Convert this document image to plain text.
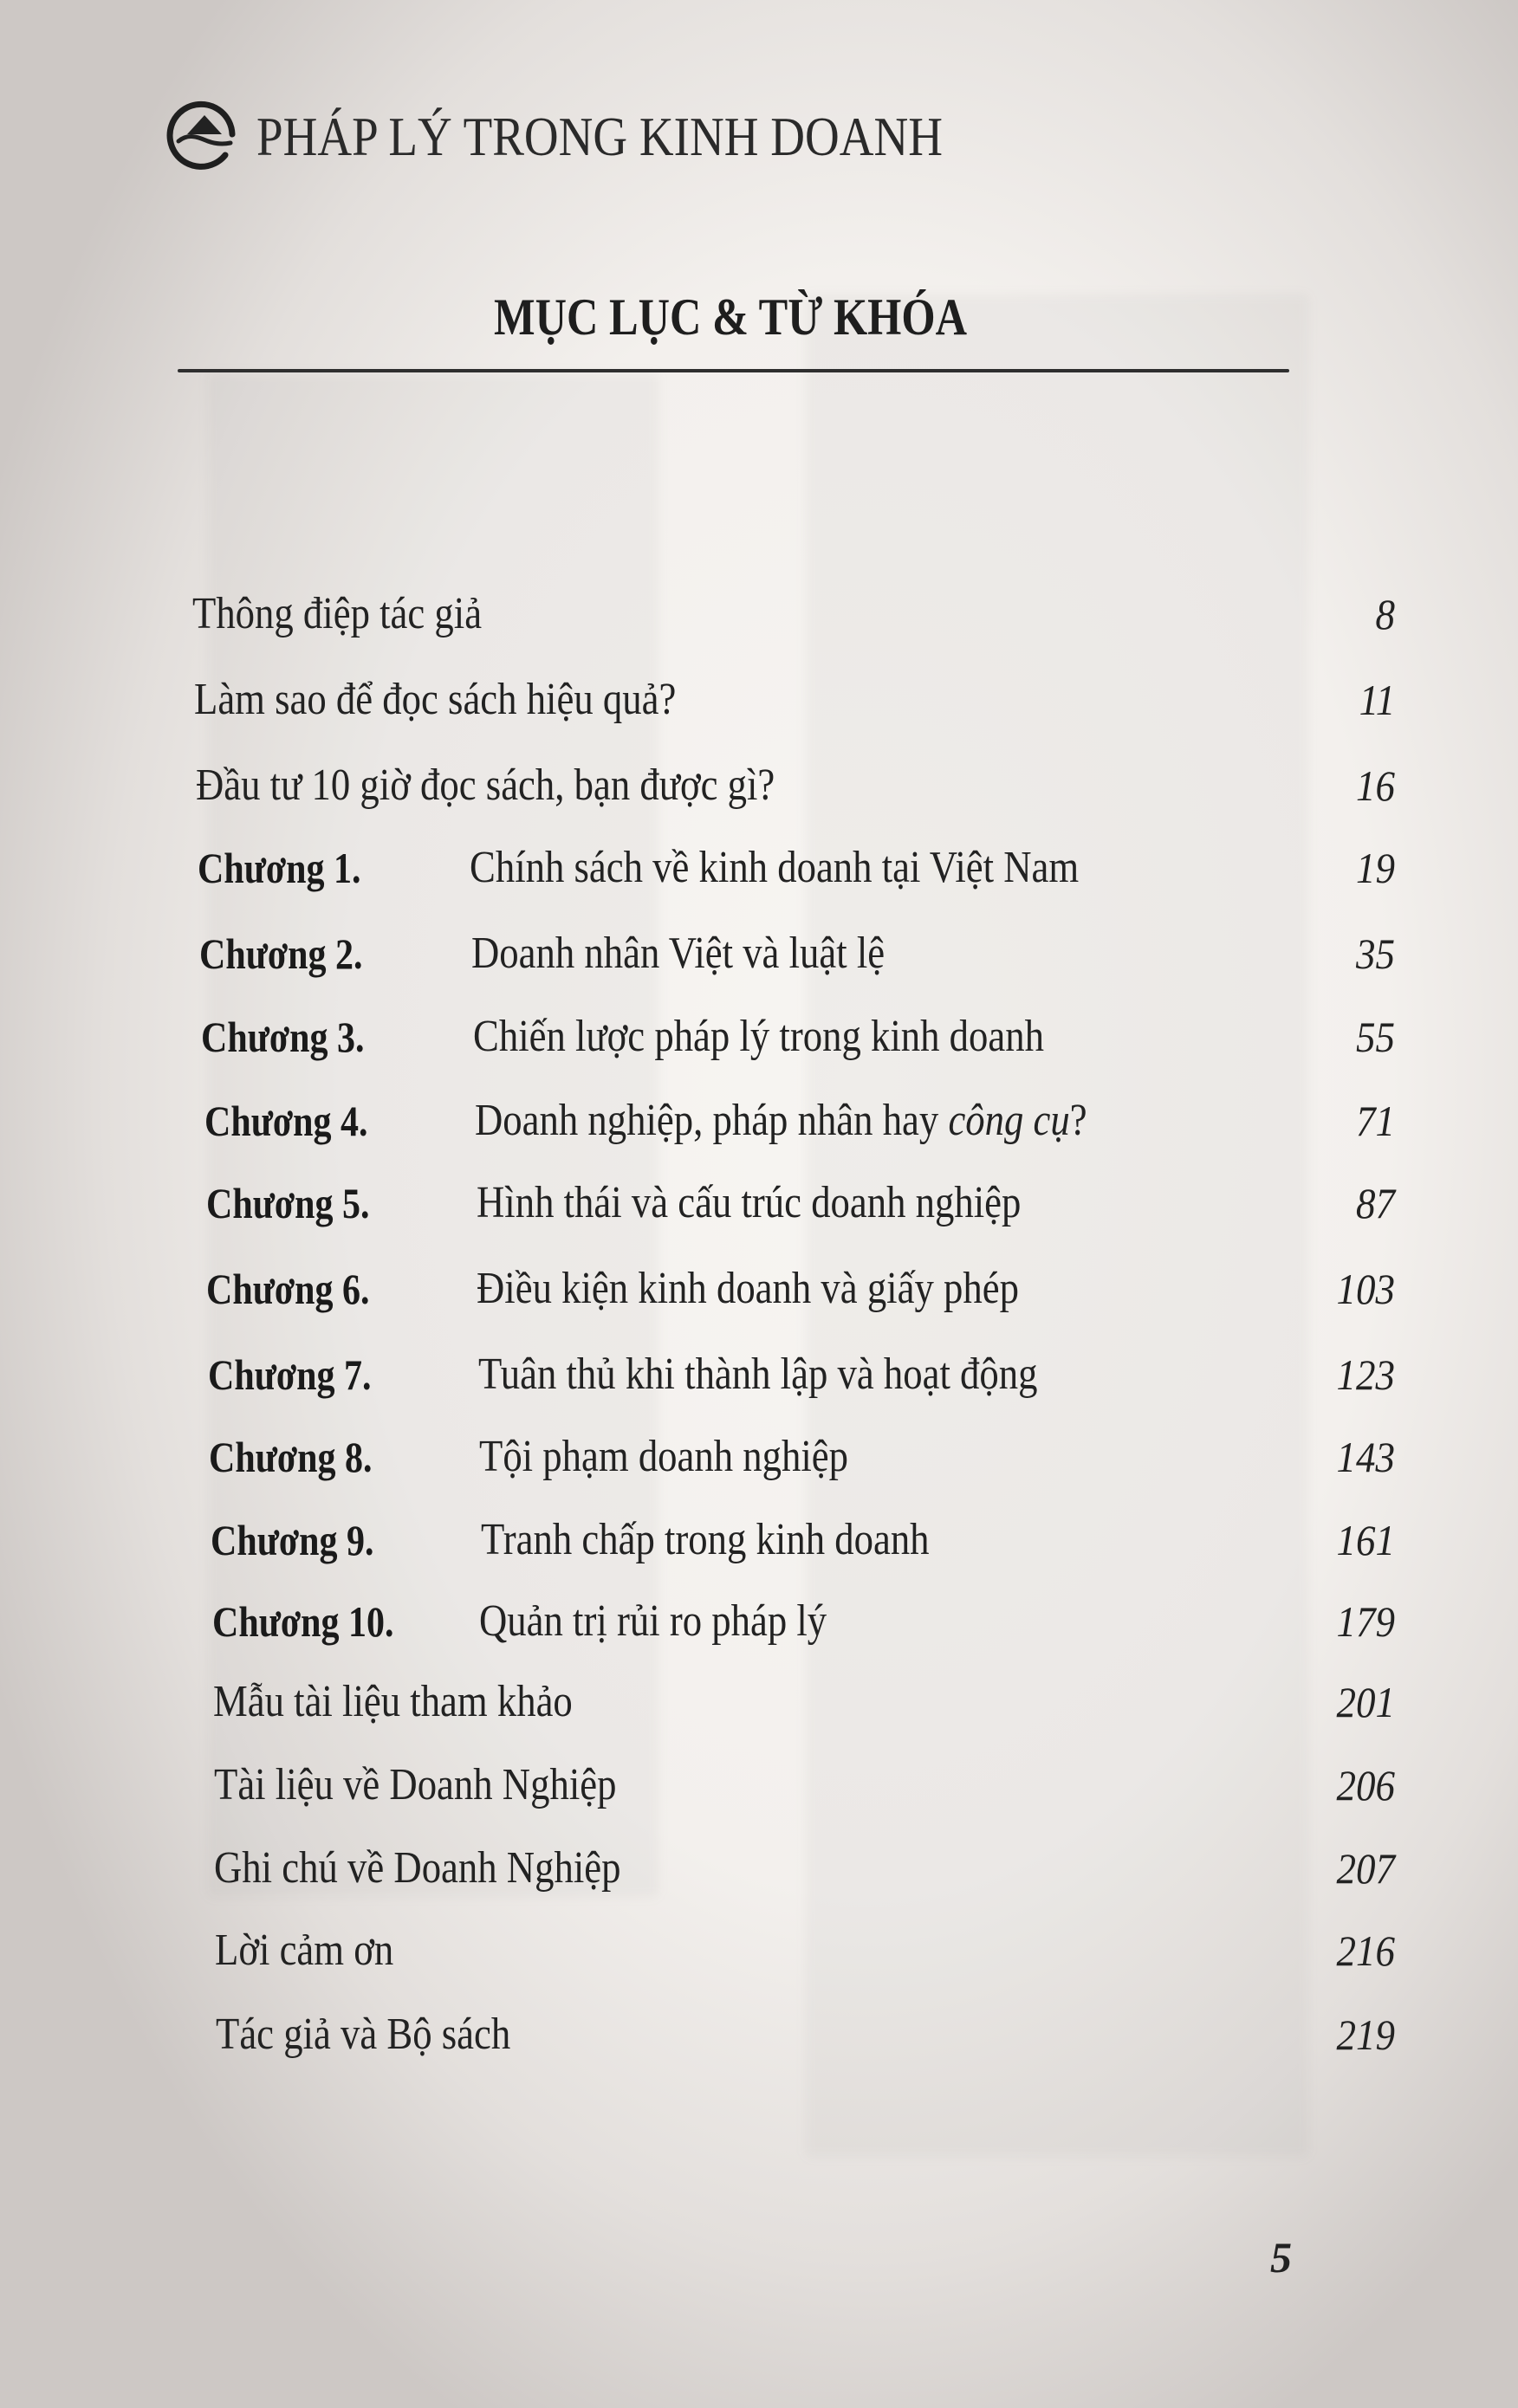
PHÁP LÝ TRONG KINH DOANH
MỤC LỤC & TỪ KHÓA
Thông điệp tác giả	8
Làm sao để đọc sách hiệu quả?	11
Đầu tư 10 giờ đọc sách, bạn được gì?	16
Chương 1. Chính sách về kinh doanh tại Việt Nam	19
Chương 2. Doanh nhân Việt và luật lệ	35
Chương 3. Chiến lược pháp lý trong kinh doanh	55
Chương 4. Doanh nghiệp, pháp nhân hay công cụ?	71
Chương 5. Hình thái và cấu trúc doanh nghiệp	87
Chương 6. Điều kiện kinh doanh và giấy phép	103
Chương 7. Tuân thủ khi thành lập và hoạt động	123
Chương 8. Tội phạm doanh nghiệp	143
Chương 9. Tranh chấp trong kinh doanh	161
Chương 10. Quản trị rủi ro pháp lý	179
Mẫu tài liệu tham khảo	201
Tài liệu về Doanh Nghiệp	206
Ghi chú về Doanh Nghiệp	207
Lời cảm ơn	216
Tác giả và Bộ sách	219
5
